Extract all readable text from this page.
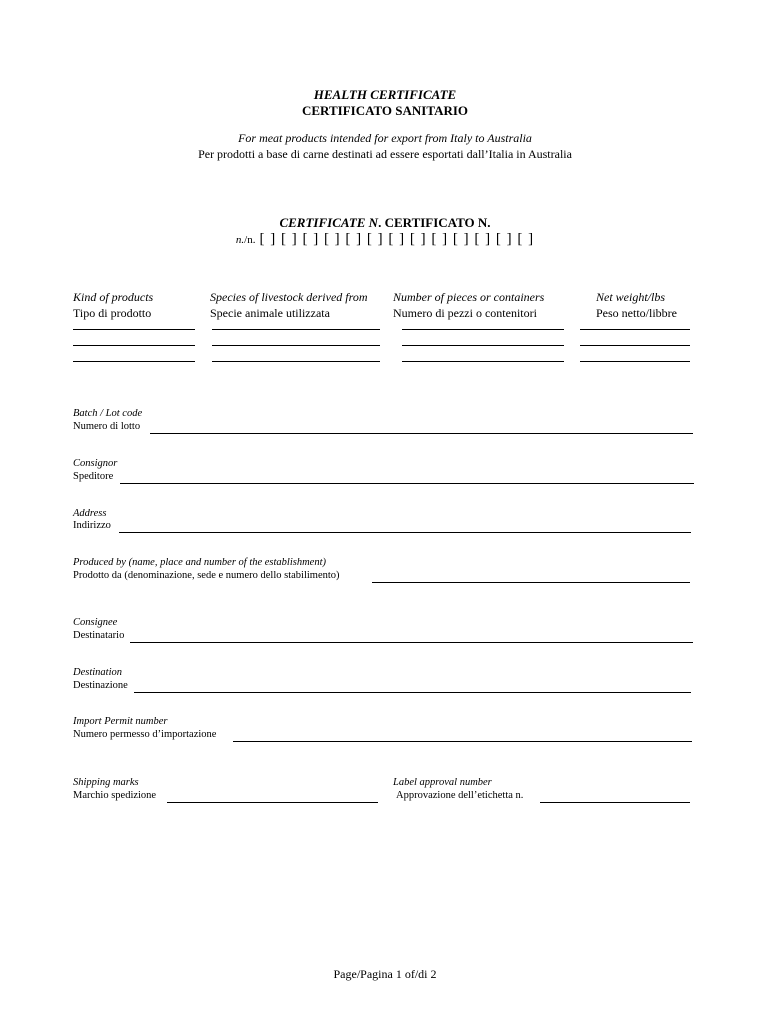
HEALTH CERTIFICATE
CERTIFICATO SANITARIO
For meat products intended for export from Italy to Australia
Per prodotti a base di carne destinati ad essere esportati dall’Italia in Australia
CERTIFICATE N. CERTIFICATO N.
n./n. [ ] [ ] [ ] [ ] [ ] [ ] [ ] [ ] [ ] [ ] [ ] [ ] [ ]
Kind of products
Tipo di prodotto
Species of livestock derived from
Specie animale utilizzata
Number of pieces or containers
Numero di pezzi o contenitori
Net weight/lbs
Peso netto/libbre
Batch / Lot code
Numero di lotto
Consignor
Speditore
Address
Indirizzo
Produced by (name, place and number of the establishment)
Prodotto da (denominazione, sede e numero dello stabilimento)
Consignee
Destinatario
Destination
Destinazione
Import Permit number
Numero permesso d’importazione
Shipping marks
Marchio spedizione
Label approval number
Approvazione dell’etichetta n.
Page/Pagina 1 of/di 2
